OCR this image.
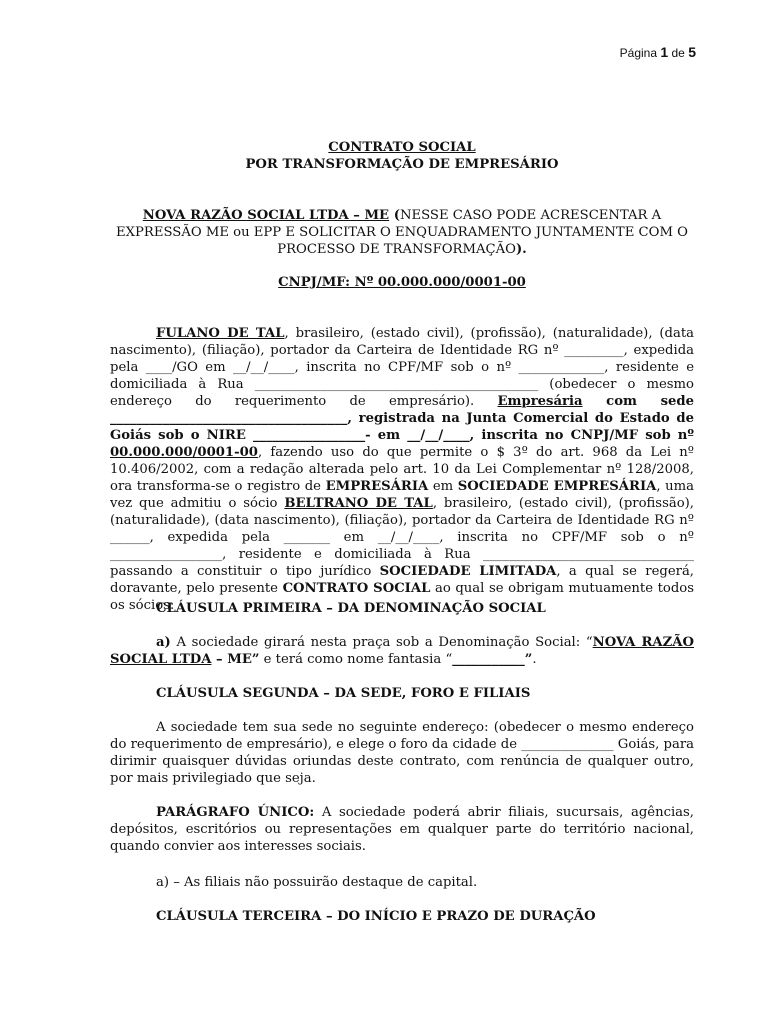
Página 1 de 5
CONTRATO SOCIAL
POR TRANSFORMAÇÃO DE EMPRESÁRIO
NOVA RAZÃO SOCIAL LTDA – ME (NESSE CASO PODE ACRESCENTAR A EXPRESSÃO ME ou EPP E SOLICITAR O ENQUADRAMENTO JUNTAMENTE COM O PROCESSO DE TRANSFORMAÇÃO).
CNPJ/MF: Nº 00.000.000/0001-00
FULANO DE TAL, brasileiro, (estado civil), (profissão), (naturalidade), (data nascimento), (filiação), portador da Carteira de Identidade RG nº _________, expedida pela ____/GO em __/__/____, inscrita no CPF/MF sob o nº _____________, residente e domiciliada à Rua ___________________________________________ (obedecer o mesmo endereço do requerimento de empresário). Empresária com sede ____________________________________, registrada na Junta Comercial do Estado de Goiás sob o NIRE _________________- em __/__/____, inscrita no CNPJ/MF sob nº 00.000.000/0001-00, fazendo uso do que permite o $ 3º do art. 968 da Lei nº 10.406/2002, com a redação alterada pelo art. 10 da Lei Complementar nº 128/2008, ora transforma-se o registro de EMPRESÁRIA em SOCIEDADE EMPRESÁRIA, uma vez que admitiu o sócio BELTRANO DE TAL, brasileiro, (estado civil), (profissão), (naturalidade), (data nascimento), (filiação), portador da Carteira de Identidade RG nº ______, expedida pela _______ em __/__/____, inscrita no CPF/MF sob o nº _________________, residente e domiciliada à Rua ________________________________ passando a constituir o tipo jurídico SOCIEDADE LIMITADA, a qual se regerá, doravante, pelo presente CONTRATO SOCIAL ao qual se obrigam mutuamente todos os sócios:
CLÁUSULA PRIMEIRA – DA DENOMINAÇÃO SOCIAL
a) A sociedade girará nesta praça sob a Denominação Social: “NOVA RAZÃO SOCIAL LTDA – ME” e terá como nome fantasia “___________”.
CLÁUSULA SEGUNDA – DA SEDE, FORO E FILIAIS
A sociedade tem sua sede no seguinte endereço: (obedecer o mesmo endereço do requerimento de empresário), e elege o foro da cidade de ______________ Goiás, para dirimir quaisquer dúvidas oriundas deste contrato, com renúncia de qualquer outro, por mais privilegiado que seja.
PARÁGRAFO ÚNICO: A sociedade poderá abrir filiais, sucursais, agências, depósitos, escritórios ou representações em qualquer parte do território nacional, quando convier aos interesses sociais.
a) – As filiais não possuirão destaque de capital.
CLÁUSULA TERCEIRA – DO INÍCIO E PRAZO DE DURAÇÃO
